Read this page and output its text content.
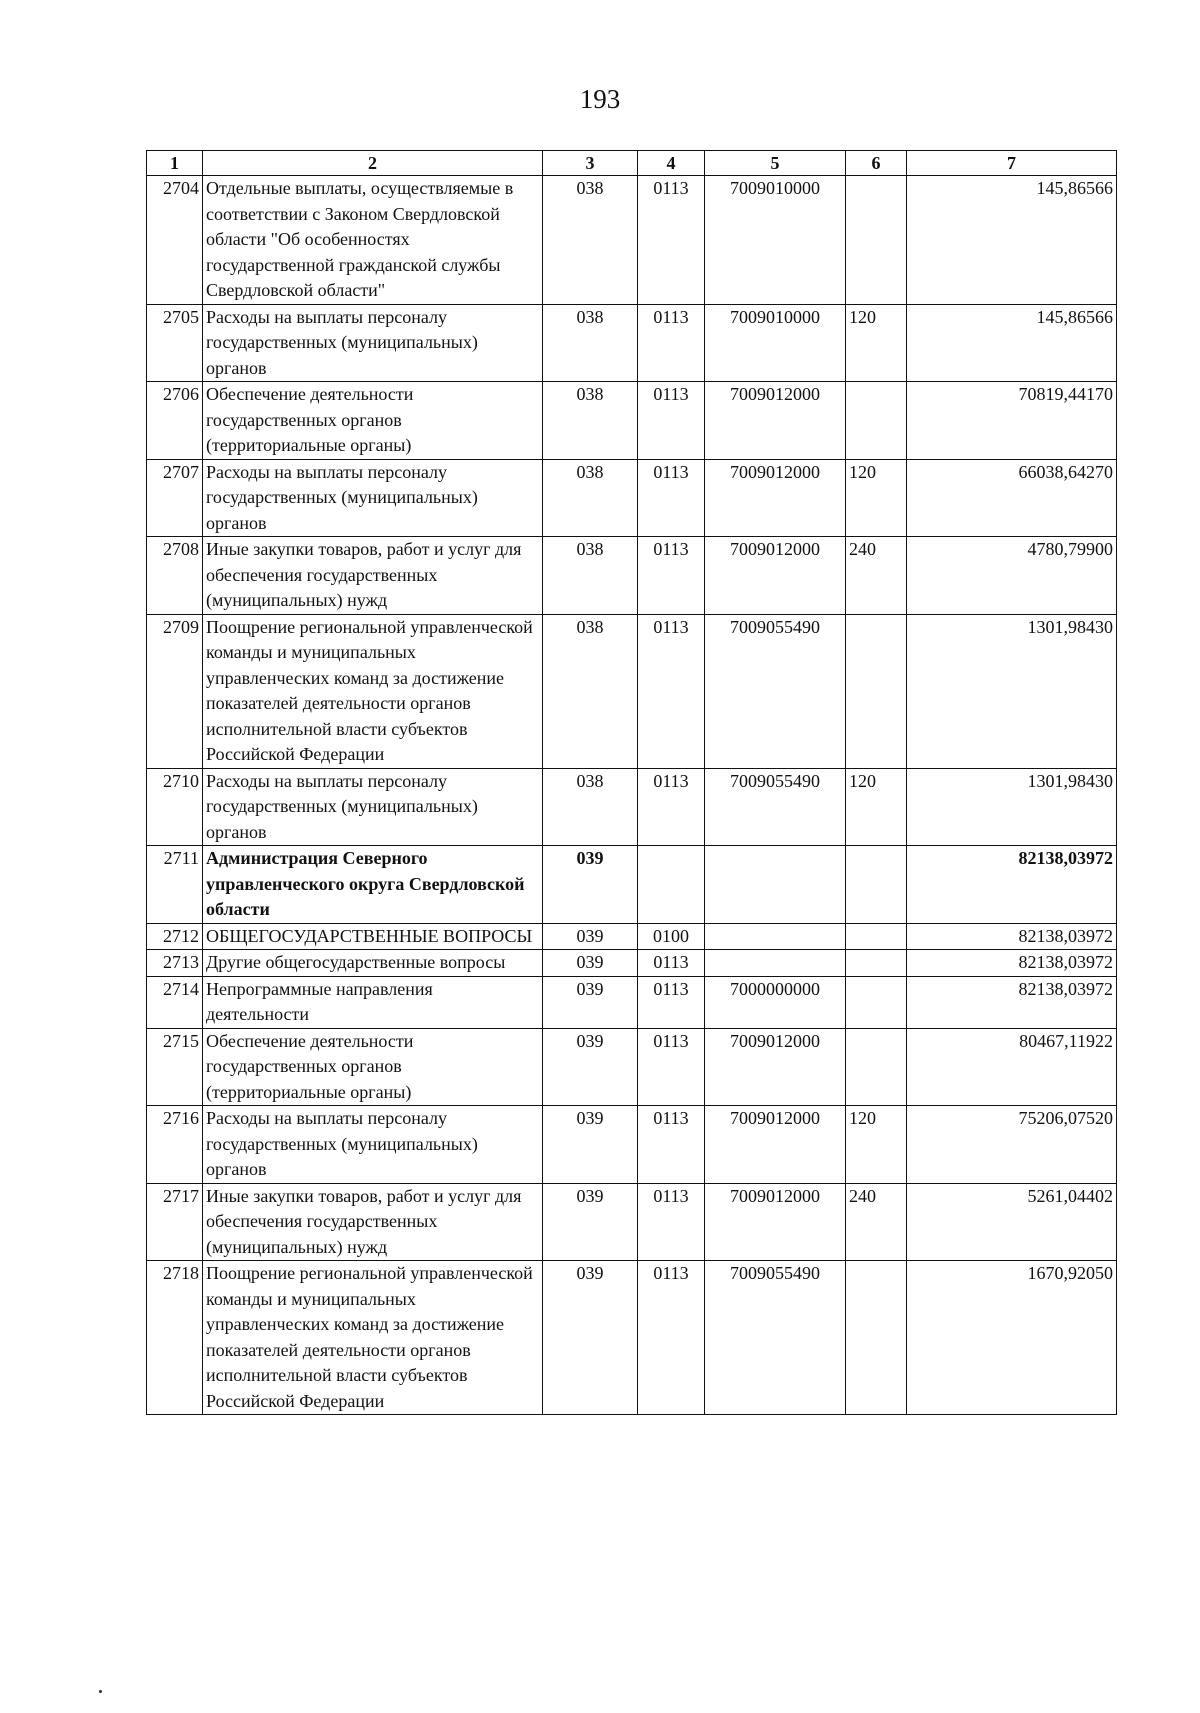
193
1	2	3	4	5	6	7
2704	Отдельные выплаты, осуществляемые в соответствии с Законом Свердловской области "Об особенностях государственной гражданской службы Свердловской области"	038	0113	7009010000		145,86566
2705	Расходы на выплаты персоналу государственных (муниципальных) органов	038	0113	7009010000	120	145,86566
2706	Обеспечение деятельности государственных органов (территориальные органы)	038	0113	7009012000		70819,44170
2707	Расходы на выплаты персоналу государственных (муниципальных) органов	038	0113	7009012000	120	66038,64270
2708	Иные закупки товаров, работ и услуг для обеспечения государственных (муниципальных) нужд	038	0113	7009012000	240	4780,79900
2709	Поощрение региональной управленческой команды и муниципальных управленческих команд за достижение показателей деятельности органов исполнительной власти субъектов Российской Федерации	038	0113	7009055490		1301,98430
2710	Расходы на выплаты персоналу государственных (муниципальных) органов	038	0113	7009055490	120	1301,98430
2711	Администрация Северного управленческого округа Свердловской области	039				82138,03972
2712	ОБЩЕГОСУДАРСТВЕННЫЕ ВОПРОСЫ	039	0100			82138,03972
2713	Другие общегосударственные вопросы	039	0113			82138,03972
2714	Непрограммные направления деятельности	039	0113	7000000000		82138,03972
2715	Обеспечение деятельности государственных органов (территориальные органы)	039	0113	7009012000		80467,11922
2716	Расходы на выплаты персоналу государственных (муниципальных) органов	039	0113	7009012000	120	75206,07520
2717	Иные закупки товаров, работ и услуг для обеспечения государственных (муниципальных) нужд	039	0113	7009012000	240	5261,04402
2718	Поощрение региональной управленческой команды и муниципальных управленческих команд за достижение показателей деятельности органов исполнительной власти субъектов Российской Федерации	039	0113	7009055490		1670,92050
